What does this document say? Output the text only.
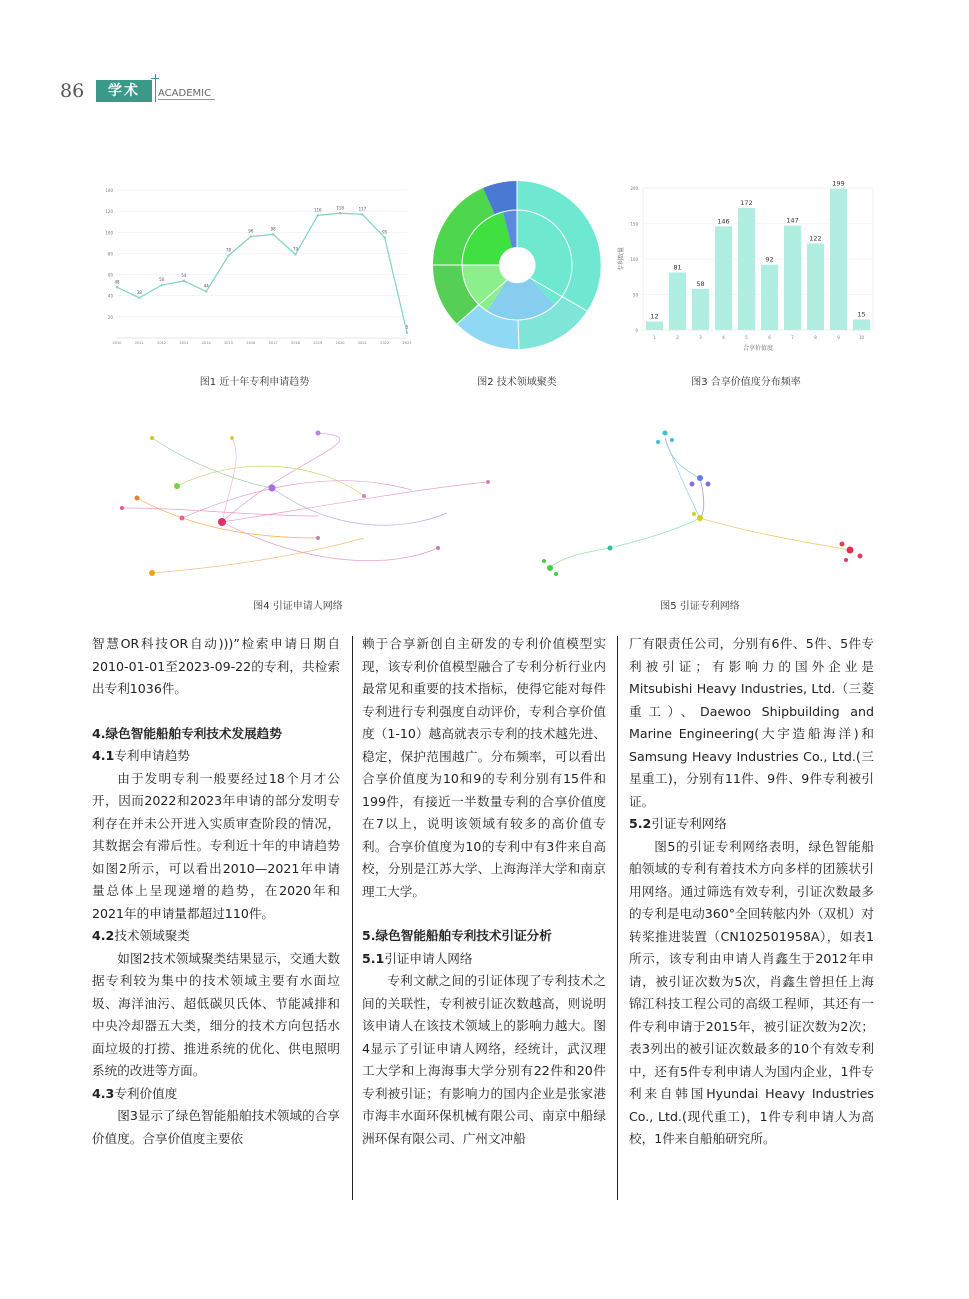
86	学术	ACADEMIC
20
40
60
80
100
120
140
48
38
50
54
44
78
96	98
79
116	118	117
95
5
2010	2011	2012	2013	2014	2015	2016	2017	2018	2019	2020	2021	2022	2023
图1 近十年专利申请趋势	图2 技术领域聚类
0
50
100
150
200
12
1
81
2
58
3
146
4
172
5
92
6
147
7
122
8
199
9
15
10
合享价值度
专利数量
图3 合享价值度分布频率
图4 引证申请人网络	图5 引证专利网络

智慧OR科技OR自动)))”检索申请日期自2010-01-01至2023-09-22的专利，共检索出专利1036件。

4.绿色智能船舶专利技术发展趋势

4.1专利申请趋势

由于发明专利一般要经过18个月才公开，因而2022和2023年申请的部分发明专利存在并未公开进入实质审查阶段的情况，其数据会有滞后性。专利近十年的申请趋势如图2所示，可以看出2010—2021年申请量总体上呈现递增的趋势，在2020年和2021年的申请量都超过110件。

4.2技术领域聚类

如图2技术领域聚类结果显示，交通大数据专利较为集中的技术领域主要有水面垃圾、海洋油污、超低碳贝氏体、节能减排和中央冷却器五大类，细分的技术方向包括水面垃圾的打捞、推进系统的优化、供电照明系统的改进等方面。

4.3专利价值度

图3显示了绿色智能船舶技术领域的合享价值度。合享价值度主要依

赖于合享新创自主研发的专利价值模型实现，该专利价值模型融合了专利分析行业内最常见和重要的技术指标，使得它能对每件专利进行专利强度自动评价，专利合享价值度（1-10）越高就表示专利的技术越先进、稳定，保护范围越广。分布频率，可以看出合享价值度为10和9的专利分别有15件和199件，有接近一半数量专利的合享价值度在7以上，说明该领域有较多的高价值专利。合享价值度为10的专利中有3件来自高校，分别是江苏大学、上海海洋大学和南京理工大学。

5.绿色智能船舶专利技术引证分析

5.1引证申请人网络

专利文献之间的引证体现了专利技术之间的关联性，专利被引证次数越高，则说明该申请人在该技术领域上的影响力越大。图4显示了引证申请人网络，经统计，武汉理工大学和上海海事大学分别有22件和20件专利被引证；有影响力的国内企业是张家港市海丰水面环保机械有限公司、南京中船绿洲环保有限公司、广州文冲船

厂有限责任公司，分别有6件、5件、5件专利被引证；有影响力的国外企业是Mitsubishi Heavy Industries, Ltd.（三菱重工）、Daewoo Shipbuilding and Marine Engineering(大宇造船海洋)和Samsung Heavy Industries Co., Ltd.(三星重工)，分别有11件、9件、9件专利被引证。

5.2引证专利网络

图5的引证专利网络表明，绿色智能船舶领域的专利有着技术方向多样的团簇状引用网络。通过筛选有效专利，引证次数最多的专利是电动360°全回转舷内外（双机）对转桨推进装置（CN102501958A），如表1所示，该专利由申请人肖鑫生于2012年申请，被引证次数为5次，肖鑫生曾担任上海锦江科技工程公司的高级工程师，其还有一件专利申请于2015年，被引证次数为2次；表3列出的被引证次数最多的10个有效专利中，还有5件专利申请人为国内企业，1件专利来自韩国Hyundai Heavy Industries Co., Ltd.(现代重工)，1件专利申请人为高校，1件来自船舶研究所。
